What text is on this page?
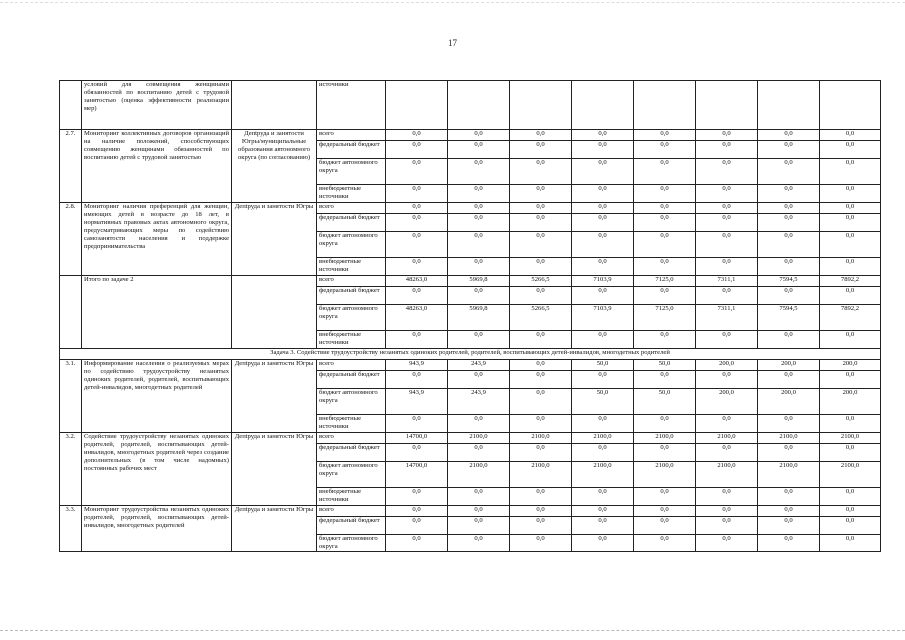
17
	условий для совмещения женщинами обязанностей по воспитанию детей с трудовой занятостью (оценка эффективности реализации мер)		источники								
2.7.	Мониторинг коллективных договоров организаций на наличие положений, способствующих совмещению женщинами обязанностей по воспитанию детей с трудовой занятостью	Депtруда и занятости Югры/муниципальные образования автономного округа (по согласованию)	всего	0,0	0,0	0,0	0,0	0,0	0,0	0,0	0,0
			федеральный бюджет	0,0	0,0	0,0	0,0	0,0	0,0	0,0	0,0
			бюджет автономного округа	0,0	0,0	0,0	0,0	0,0	0,0	0,0	0,0
			внебюджетные источники	0,0	0,0	0,0	0,0	0,0	0,0	0,0	0,0
2.8.	Мониторинг наличия преференций для женщин, имеющих детей в возрасте до 18 лет, в нормативных правовых актах автономного округа, предусматривающих меры по содействию самозанятости населения и поддержке предпринимательства	Депtруда и занятости Югры	всего	0,0	0,0	0,0	0,0	0,0	0,0	0,0	0,0
			федеральный бюджет	0,0	0,0	0,0	0,0	0,0	0,0	0,0	0,0
			бюджет автономного округа	0,0	0,0	0,0	0,0	0,0	0,0	0,0	0,0
			внебюджетные источники	0,0	0,0	0,0	0,0	0,0	0,0	0,0	0,0
	Итого по задаче 2		всего	48263,0	5969,8	5266,5	7103,9	7125,0	7311,1	7594,5	7892,2
			федеральный бюджет	0,0	0,0	0,0	0,0	0,0	0,0	0,0	0,0
			бюджет автономного округа	48263,0	5969,8	5266,5	7103,9	7125,0	7311,1	7594,5	7892,2
			внебюджетные источники	0,0	0,0	0,0	0,0	0,0	0,0	0,0	0,0
Задача 3. Содействие трудоустройству незанятых одиноких родителей, родителей, воспитывающих детей-инвалидов, многодетных родителей											
3.1.	Информирование населения о реализуемых мерах по содействию трудоустройству незанятых одиноких родителей, родителей, воспитывающих детей-инвалидов, многодетных родителей	Депtруда и занятости Югры	всего	943,9	243,9	0,0	50,0	50,0	200,0	200,0	200,0
			федеральный бюджет	0,0	0,0	0,0	0,0	0,0	0,0	0,0	0,0
			бюджет автономного округа	943,9	243,9	0,0	50,0	50,0	200,0	200,0	200,0
			внебюджетные источники	0,0	0,0	0,0	0,0	0,0	0,0	0,0	0,0
3.2.	Содействие трудоустройству незанятых одиноких родителей, родителей, воспитывающих детей-инвалидов, многодетных родителей через создание дополнительных (в том числе надомных) постоянных рабочих мест	Депtруда и занятости Югры	всего	14700,0	2100,0	2100,0	2100,0	2100,0	2100,0	2100,0	2100,0
			федеральный бюджет	0,0	0,0	0,0	0,0	0,0	0,0	0,0	0,0
			бюджет автономного округа	14700,0	2100,0	2100,0	2100,0	2100,0	2100,0	2100,0	2100,0
			внебюджетные источники	0,0	0,0	0,0	0,0	0,0	0,0	0,0	0,0
3.3.	Мониторинг трудоустройства незанятых одиноких родителей, родителей, воспитывающих детей-инвалидов, многодетных родителей	Депtруда и занятости Югры	всего	0,0	0,0	0,0	0,0	0,0	0,0	0,0	0,0
			федеральный бюджет	0,0	0,0	0,0	0,0	0,0	0,0	0,0	0,0
			бюджет автономного округа	0,0	0,0	0,0	0,0	0,0	0,0	0,0	0,0
